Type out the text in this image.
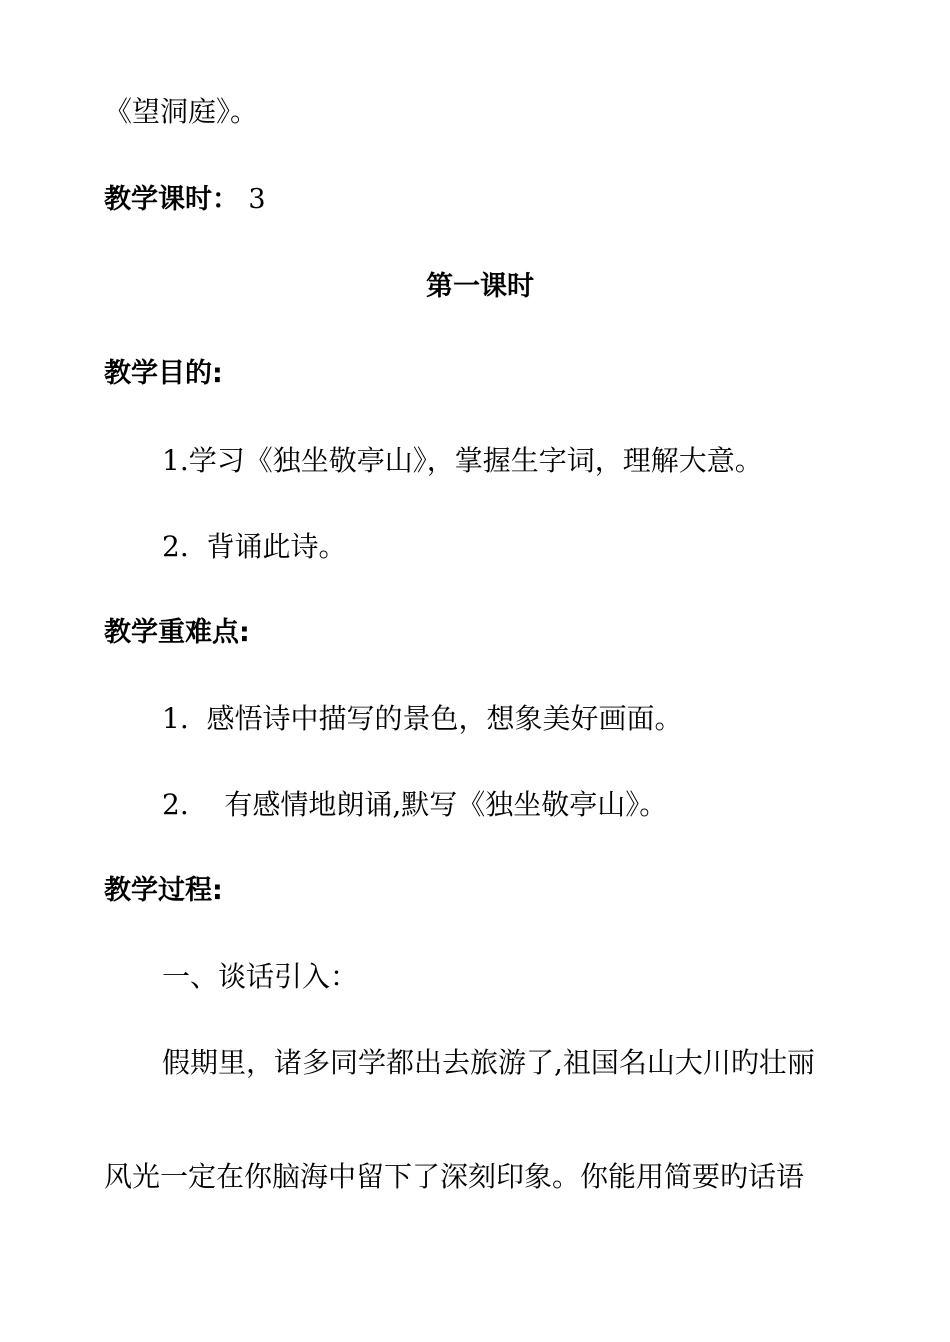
《望洞庭》。
教学课时： 3
第一课时
教学目的:
1.学习《独坐敬亭山》，掌握生字词，理解大意。
2.  背诵此诗。
教学重难点:
1.  感悟诗中描写的景色，想象美好画面。
2.    有感情地朗诵,默写《独坐敬亭山》。
教学过程:
一、谈话引入：
假期里，诸多同学都出去旅游了,祖国名山大川旳壮丽
风光一定在你脑海中留下了深刻印象。你能用简要旳话语
